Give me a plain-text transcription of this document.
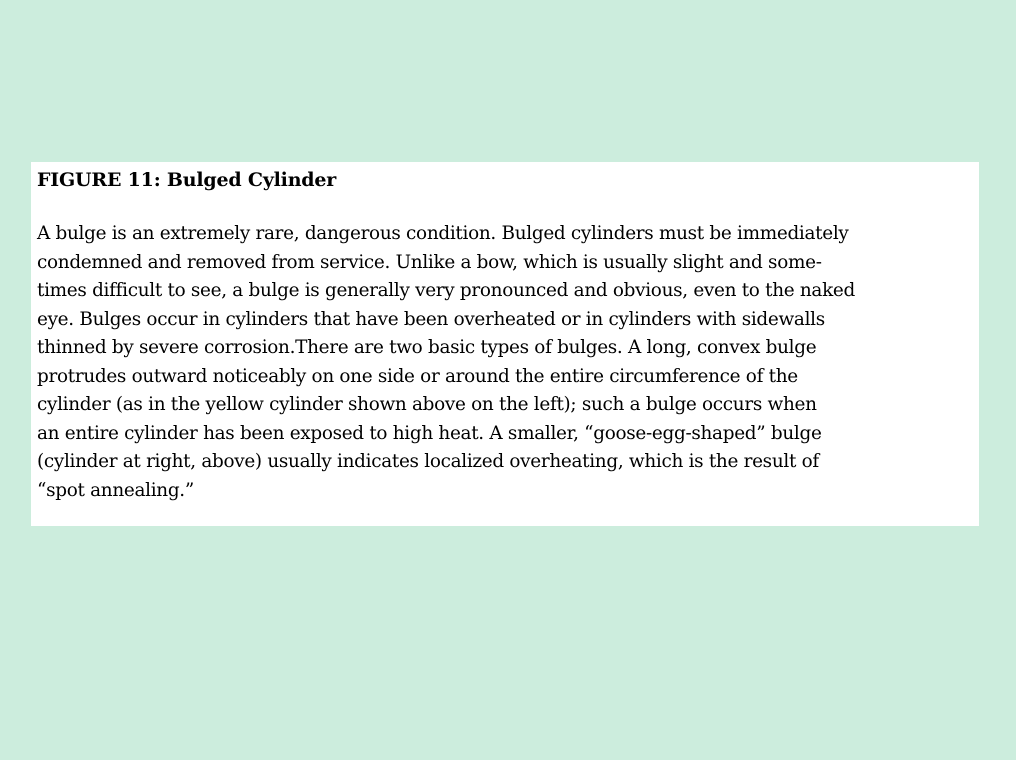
FIGURE 11: Bulged Cylinder
A bulge is an extremely rare, dangerous condition. Bulged cylinders must be immediately
condemned and removed from service. Unlike a bow, which is usually slight and some-
times difficult to see, a bulge is generally very pronounced and obvious, even to the naked
eye. Bulges occur in cylinders that have been overheated or in cylinders with sidewalls
thinned by severe corrosion.There are two basic types of bulges. A long, convex bulge
protrudes outward noticeably on one side or around the entire circumference of the
cylinder (as in the yellow cylinder shown above on the left); such a bulge occurs when
an entire cylinder has been exposed to high heat. A smaller, “goose-egg-shaped” bulge
(cylinder at right, above) usually indicates localized overheating, which is the result of
“spot annealing.”
